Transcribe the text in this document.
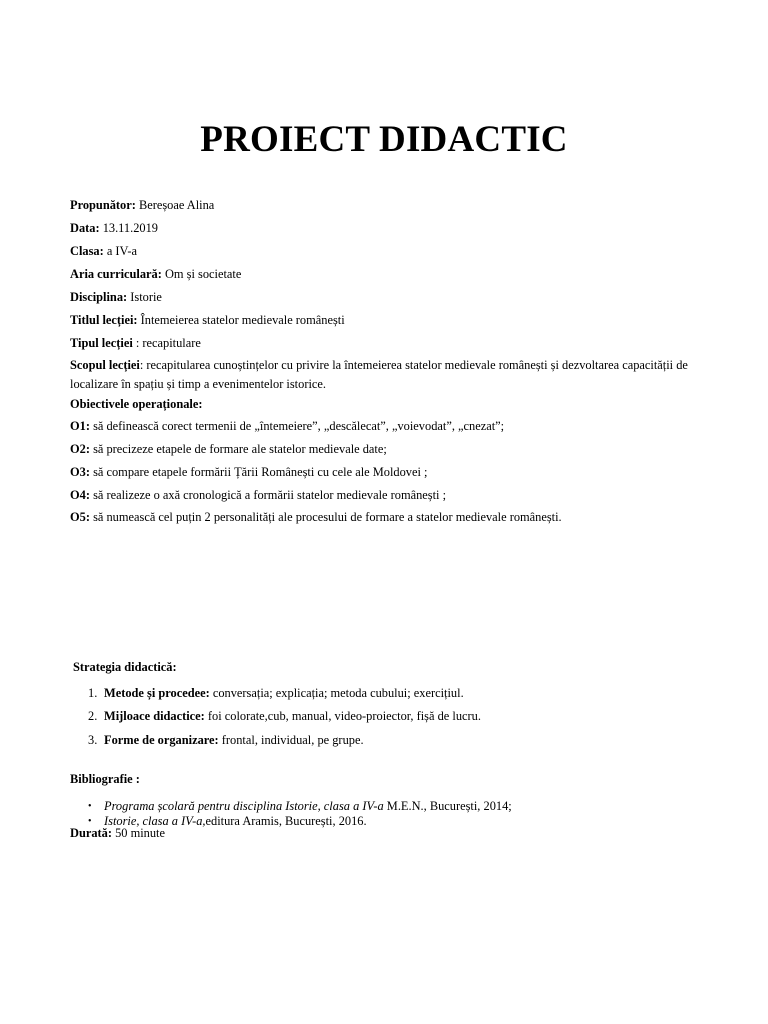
PROIECT DIDACTIC
Propunător: Bereșoae Alina
Data: 13.11.2019
Clasa: a IV-a
Aria curriculară: Om și societate
Disciplina: Istorie
Titlul lecției: Întemeierea statelor medievale românești
Tipul lecției : recapitulare
Scopul lecției: recapitularea cunoștințelor cu privire la întemeierea statelor medievale românești și dezvoltarea capacității de localizare în spațiu și timp a evenimentelor istorice.
Obiectivele operaționale:
O1: să definească corect termenii de „întemeiere”, „descălecat”, „voievodat”, „cnezat”;
O2: să precizeze etapele de formare ale statelor medievale date;
O3: să compare etapele formării Țării Românești cu cele ale Moldovei ;
O4: să realizeze o axă cronologică a formării statelor medievale românești ;
O5: să numească cel puțin 2 personalități ale procesului de formare a statelor medievale românești.
Strategia didactică:
1. Metode și procedee: conversația; explicația; metoda cubului; exercițiul.
2. Mijloace didactice: foi colorate,cub, manual, video-proiector, fișă de lucru.
3. Forme de organizare: frontal, individual, pe grupe.
Bibliografie :
• Programa școlară pentru disciplina Istorie, clasa a IV-a M.E.N., București, 2014;
• Istorie, clasa a IV-a,editura Aramis, București, 2016.
Durată: 50 minute
